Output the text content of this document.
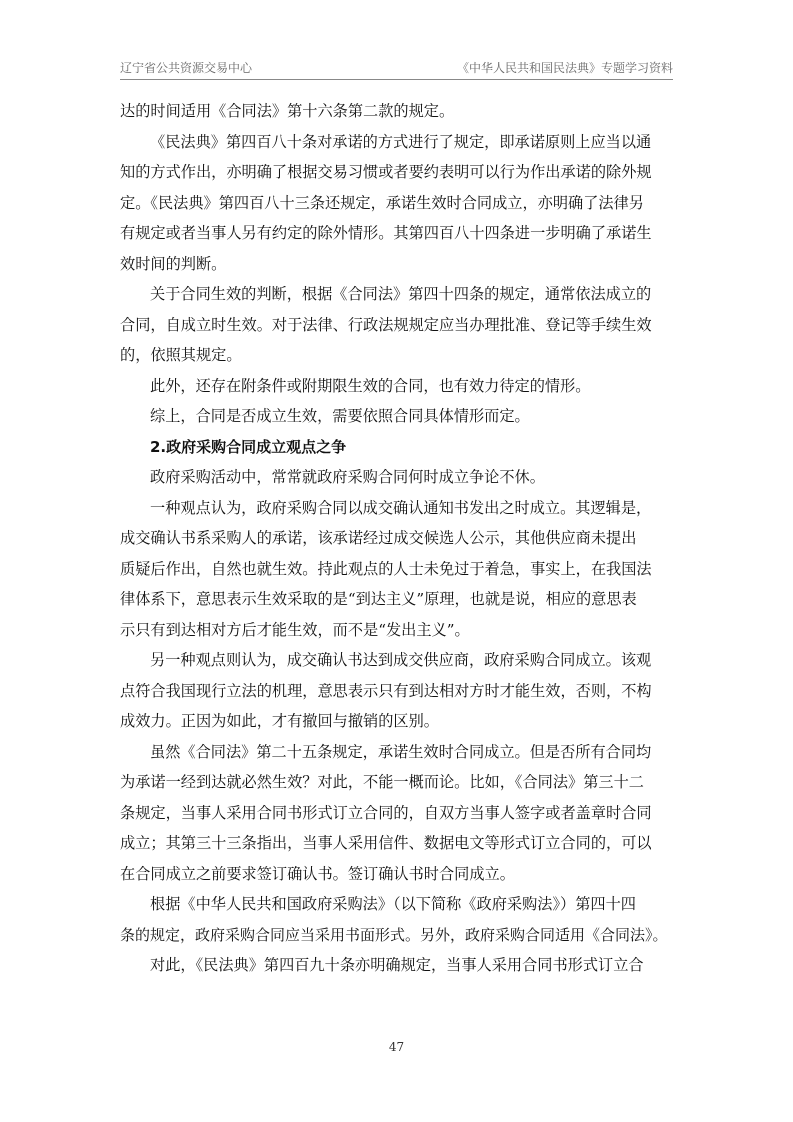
辽宁省公共资源交易中心	《中华人民共和国民法典》专题学习资料

达的时间适用《合同法》第十六条第二款的规定。

《民法典》第四百八十条对承诺的方式进行了规定，即承诺原则上应当以通

知的方式作出，亦明确了根据交易习惯或者要约表明可以行为作出承诺的除外规

定。《民法典》第四百八十三条还规定，承诺生效时合同成立，亦明确了法律另

有规定或者当事人另有约定的除外情形。其第四百八十四条进一步明确了承诺生

效时间的判断。

关于合同生效的判断，根据《合同法》第四十四条的规定，通常依法成立的

合同，自成立时生效。对于法律、行政法规规定应当办理批准、登记等手续生效

的，依照其规定。

此外，还存在附条件或附期限生效的合同，也有效力待定的情形。

综上，合同是否成立生效，需要依照合同具体情形而定。

2.政府采购合同成立观点之争

政府采购活动中，常常就政府采购合同何时成立争论不休。

一种观点认为，政府采购合同以成交确认通知书发出之时成立。其逻辑是，

成交确认书系采购人的承诺，该承诺经过成交候选人公示，其他供应商未提出

质疑后作出，自然也就生效。持此观点的人士未免过于着急，事实上，在我国法

律体系下，意思表示生效采取的是“到达主义”原理，也就是说，相应的意思表

示只有到达相对方后才能生效，而不是“发出主义”。

另一种观点则认为，成交确认书达到成交供应商，政府采购合同成立。该观

点符合我国现行立法的机理，意思表示只有到达相对方时才能生效，否则，不构

成效力。正因为如此，才有撤回与撤销的区别。

虽然《合同法》第二十五条规定，承诺生效时合同成立。但是否所有合同均

为承诺一经到达就必然生效？对此，不能一概而论。比如，《合同法》第三十二

条规定，当事人采用合同书形式订立合同的，自双方当事人签字或者盖章时合同

成立；其第三十三条指出，当事人采用信件、数据电文等形式订立合同的，可以

在合同成立之前要求签订确认书。签订确认书时合同成立。

根据《中华人民共和国政府采购法》（以下简称《政府采购法》）第四十四

条的规定，政府采购合同应当采用书面形式。另外，政府采购合同适用《合同法》。

对此，《民法典》第四百九十条亦明确规定，当事人采用合同书形式订立合

47
